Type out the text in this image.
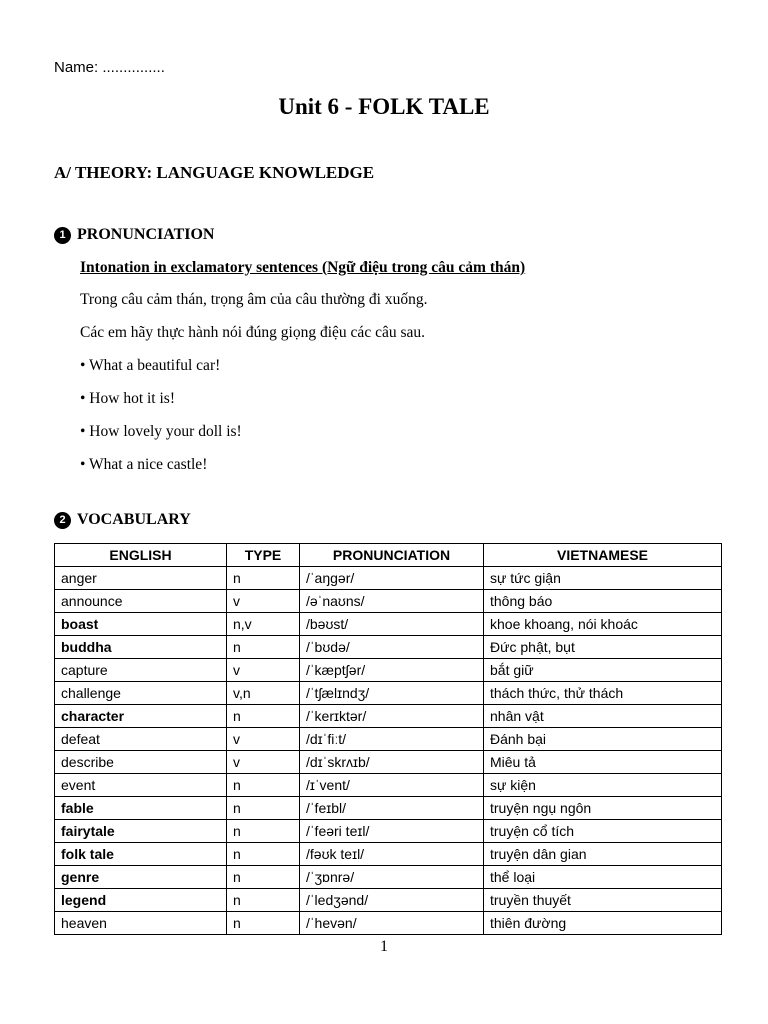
Name: ...............
Unit 6 - FOLK TALE
A/ THEORY: LANGUAGE KNOWLEDGE
1 PRONUNCIATION
Intonation in exclamatory sentences (Ngữ điệu trong câu cảm thán)
Trong câu cảm thán, trọng âm của câu thường đi xuống.
Các em hãy thực hành nói đúng giọng điệu các câu sau.
• What a beautiful car!
• How hot it is!
• How lovely your doll is!
• What a nice castle!
2 VOCABULARY
ENGLISH	TYPE	PRONUNCIATION	VIETNAMESE
anger	n	/ˈaŋgər/	sự tức giận
announce	v	/əˈnaʊns/	thông báo
boast	n,v	/bəʊst/	khoe khoang, nói khoác
buddha	n	/ˈbʊdə/	Đức phật, bụt
capture	v	/ˈkæptʃər/	bắt giữ
challenge	v,n	/ˈtʃælɪndʒ/	thách thức, thử thách
character	n	/ˈkerɪktər/	nhân vật
defeat	v	/dɪˈfiːt/	Đánh bại
describe	v	/dɪˈskrʌɪb/	Miêu tả
event	n	/ɪˈvent/	sự kiện
fable	n	/ˈfeɪbl/	truyện ngụ ngôn
fairytale	n	/ˈfeəri teɪl/	truyện cổ tích
folk tale	n	/fəʊk teɪl/	truyện dân gian
genre	n	/ˈʒɒnrə/	thể loại
legend	n	/ˈledʒənd/	truyền thuyết
heaven	n	/ˈhevən/	thiên đường
1
